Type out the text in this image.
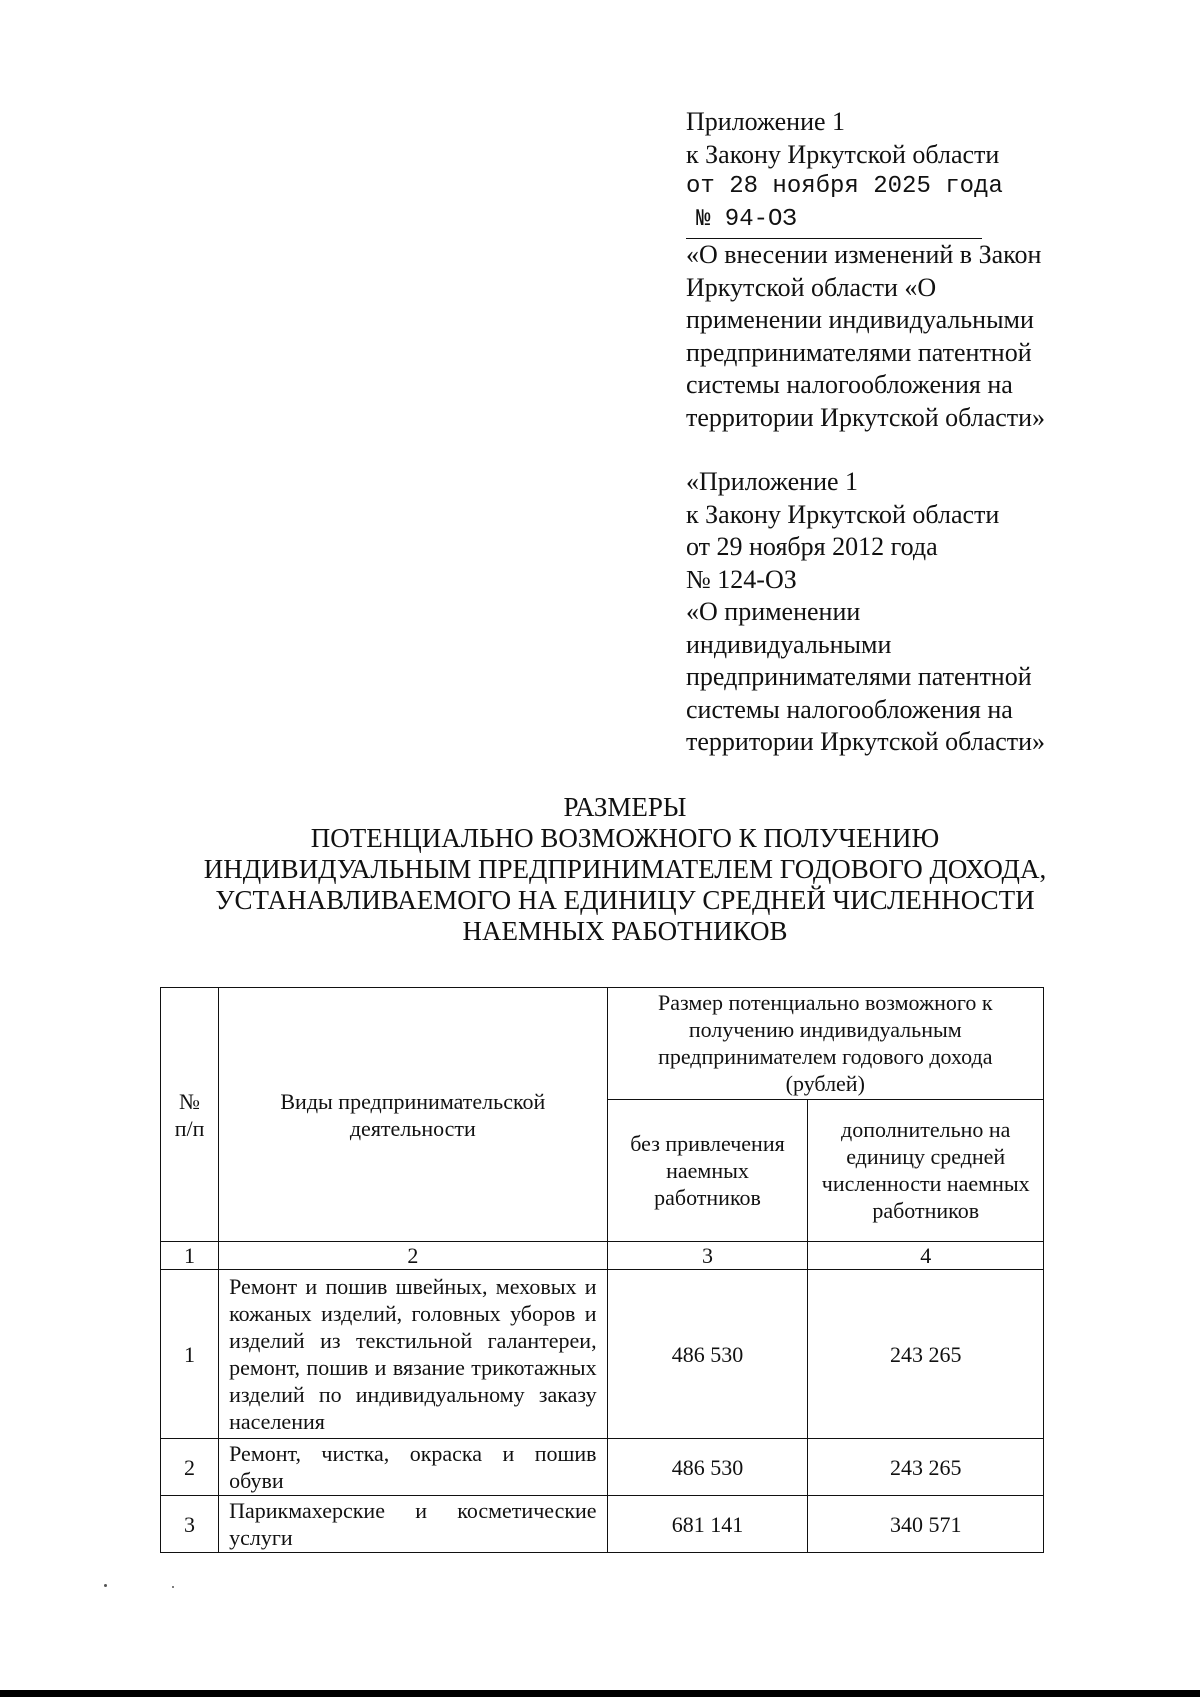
Приложение 1
к Закону Иркутской области
от 28 ноября 2025 года
№ 94-ОЗ
«О внесении изменений в Закон
Иркутской области «О
применении индивидуальными
предпринимателями патентной
системы налогообложения на
территории Иркутской области»
«Приложение 1
к Закону Иркутской области
от 29 ноября 2012 года
№ 124-ОЗ
«О применении
индивидуальными
предпринимателями патентной
системы налогообложения на
территории Иркутской области»
РАЗМЕРЫ
ПОТЕНЦИАЛЬНО ВОЗМОЖНОГО К ПОЛУЧЕНИЮ
ИНДИВИДУАЛЬНЫМ ПРЕДПРИНИМАТЕЛЕМ ГОДОВОГО ДОХОДА,
УСТАНАВЛИВАЕМОГО НА ЕДИНИЦУ СРЕДНЕЙ ЧИСЛЕННОСТИ
НАЕМНЫХ РАБОТНИКОВ
№ п/п	Виды предпринимательской деятельности	Размер потенциально возможного к получению индивидуальным предпринимателем годового дохода (рублей)	
		без привлечения наемных работников	дополнительно на единицу средней численности наемных работников
1	2	3	4
1	Ремонт и пошив швейных, меховых и кожаных изделий, головных уборов и изделий из текстильной галантереи, ремонт, пошив и вязание трикотажных изделий по индивидуальному заказу населения	486 530	243 265
2	Ремонт, чистка, окраска и пошив обуви	486 530	243 265
3	Парикмахерские и косметические услуги	681 141	340 571
